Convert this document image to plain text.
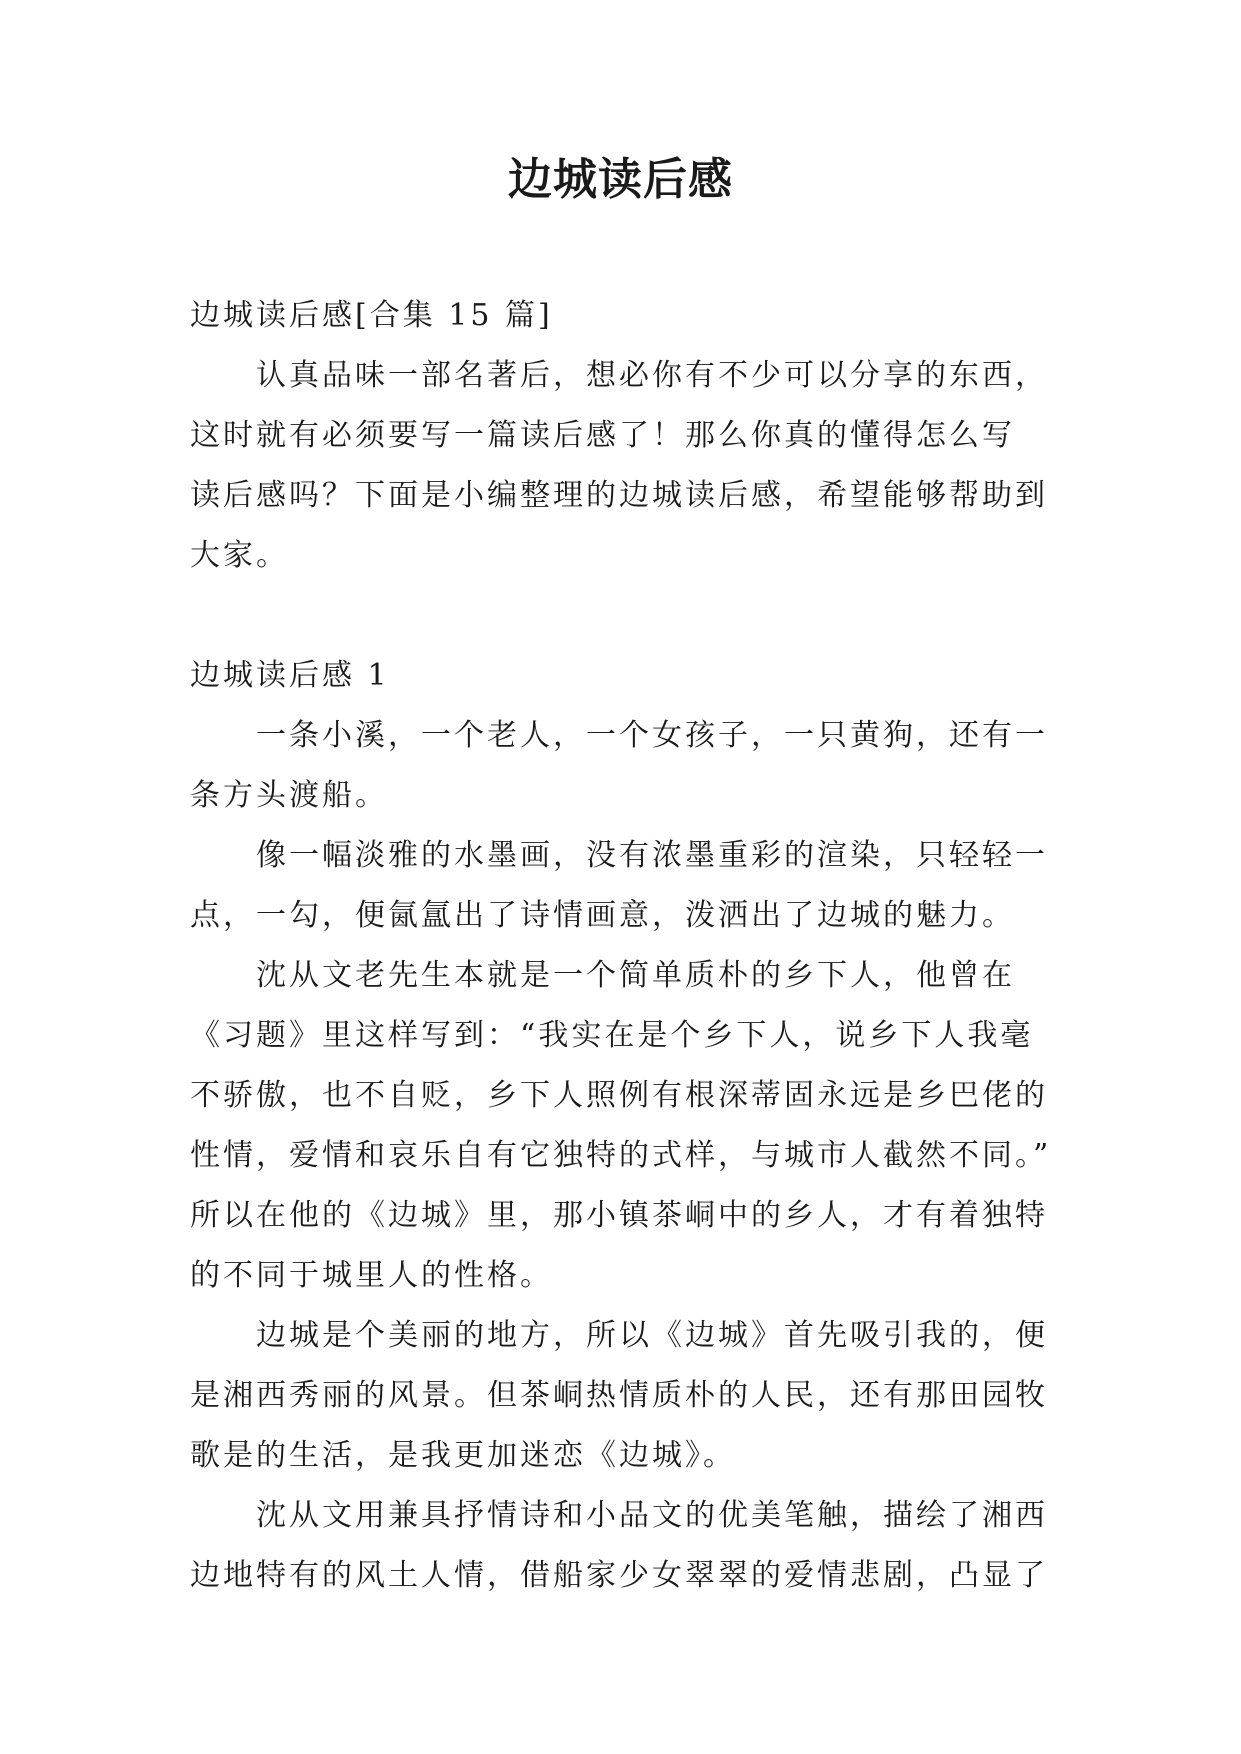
边城读后感

边城读后感[合集 15 篇]

认真品味一部名著后，想必你有不少可以分享的东西，

这时就有必须要写一篇读后感了！那么你真的懂得怎么写

读后感吗？下面是小编整理的边城读后感，希望能够帮助到

大家。

边城读后感 1

一条小溪，一个老人，一个女孩子，一只黄狗，还有一

条方头渡船。

像一幅淡雅的水墨画，没有浓墨重彩的渲染，只轻轻一

点，一勾，便氤氲出了诗情画意，泼洒出了边城的魅力。

沈从文老先生本就是一个简单质朴的乡下人，他曾在

《习题》里这样写到：“我实在是个乡下人，说乡下人我毫

不骄傲，也不自贬，乡下人照例有根深蒂固永远是乡巴佬的

性情，爱情和哀乐自有它独特的式样，与城市人截然不同。”

所以在他的《边城》里，那小镇茶峒中的乡人，才有着独特

的不同于城里人的性格。

边城是个美丽的地方，所以《边城》首先吸引我的，便

是湘西秀丽的风景。但茶峒热情质朴的人民，还有那田园牧

歌是的生活，是我更加迷恋《边城》。

沈从文用兼具抒情诗和小品文的优美笔触，描绘了湘西

边地特有的风土人情，借船家少女翠翠的爱情悲剧，凸显了
